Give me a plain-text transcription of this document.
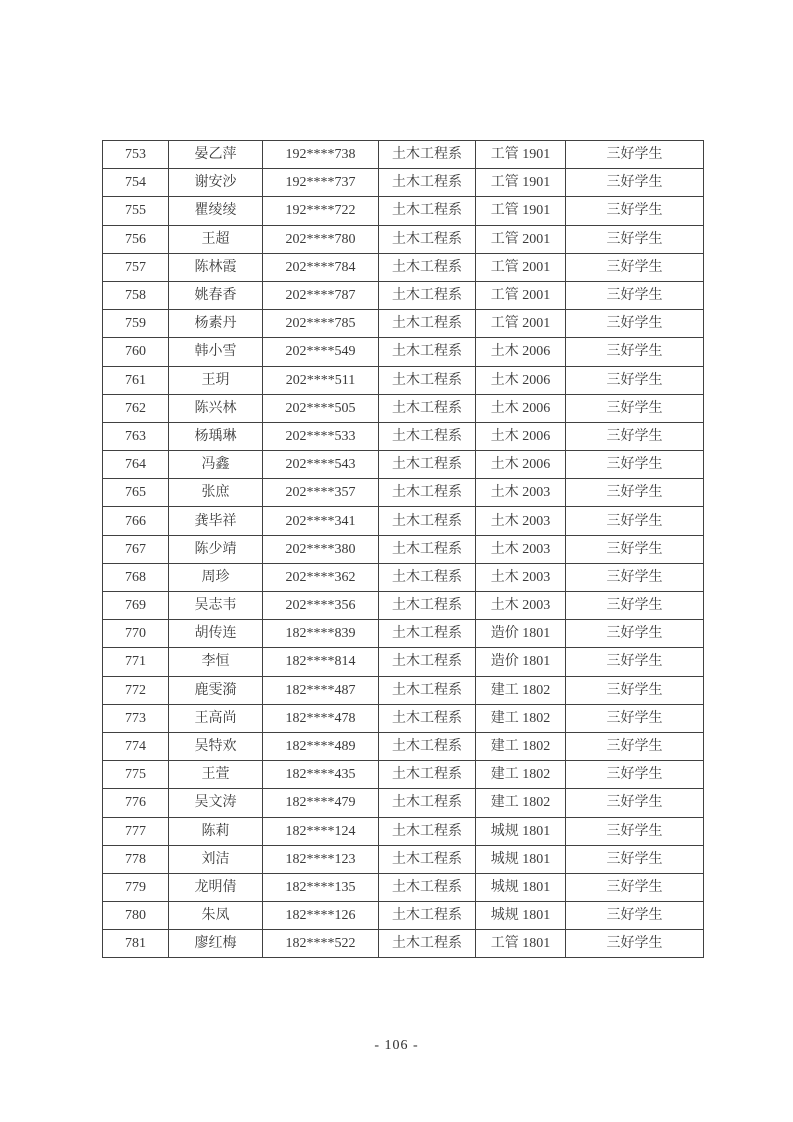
753	晏乙萍	192****738	土木工程系	工管 1901	三好学生
754	谢安沙	192****737	土木工程系	工管 1901	三好学生
755	瞿绫绫	192****722	土木工程系	工管 1901	三好学生
756	王超	202****780	土木工程系	工管 2001	三好学生
757	陈林霞	202****784	土木工程系	工管 2001	三好学生
758	姚春香	202****787	土木工程系	工管 2001	三好学生
759	杨素丹	202****785	土木工程系	工管 2001	三好学生
760	韩小雪	202****549	土木工程系	土木 2006	三好学生
761	王玥	202****511	土木工程系	土木 2006	三好学生
762	陈兴林	202****505	土木工程系	土木 2006	三好学生
763	杨瑀琳	202****533	土木工程系	土木 2006	三好学生
764	冯鑫	202****543	土木工程系	土木 2006	三好学生
765	张庶	202****357	土木工程系	土木 2003	三好学生
766	龚毕祥	202****341	土木工程系	土木 2003	三好学生
767	陈少靖	202****380	土木工程系	土木 2003	三好学生
768	周珍	202****362	土木工程系	土木 2003	三好学生
769	吴志韦	202****356	土木工程系	土木 2003	三好学生
770	胡传连	182****839	土木工程系	造价 1801	三好学生
771	李恒	182****814	土木工程系	造价 1801	三好学生
772	鹿雯漪	182****487	土木工程系	建工 1802	三好学生
773	王高尚	182****478	土木工程系	建工 1802	三好学生
774	吴特欢	182****489	土木工程系	建工 1802	三好学生
775	王萱	182****435	土木工程系	建工 1802	三好学生
776	吴文涛	182****479	土木工程系	建工 1802	三好学生
777	陈莉	182****124	土木工程系	城规 1801	三好学生
778	刘洁	182****123	土木工程系	城规 1801	三好学生
779	龙明倩	182****135	土木工程系	城规 1801	三好学生
780	朱凤	182****126	土木工程系	城规 1801	三好学生
781	廖红梅	182****522	土木工程系	工管 1801	三好学生
- 106 -
